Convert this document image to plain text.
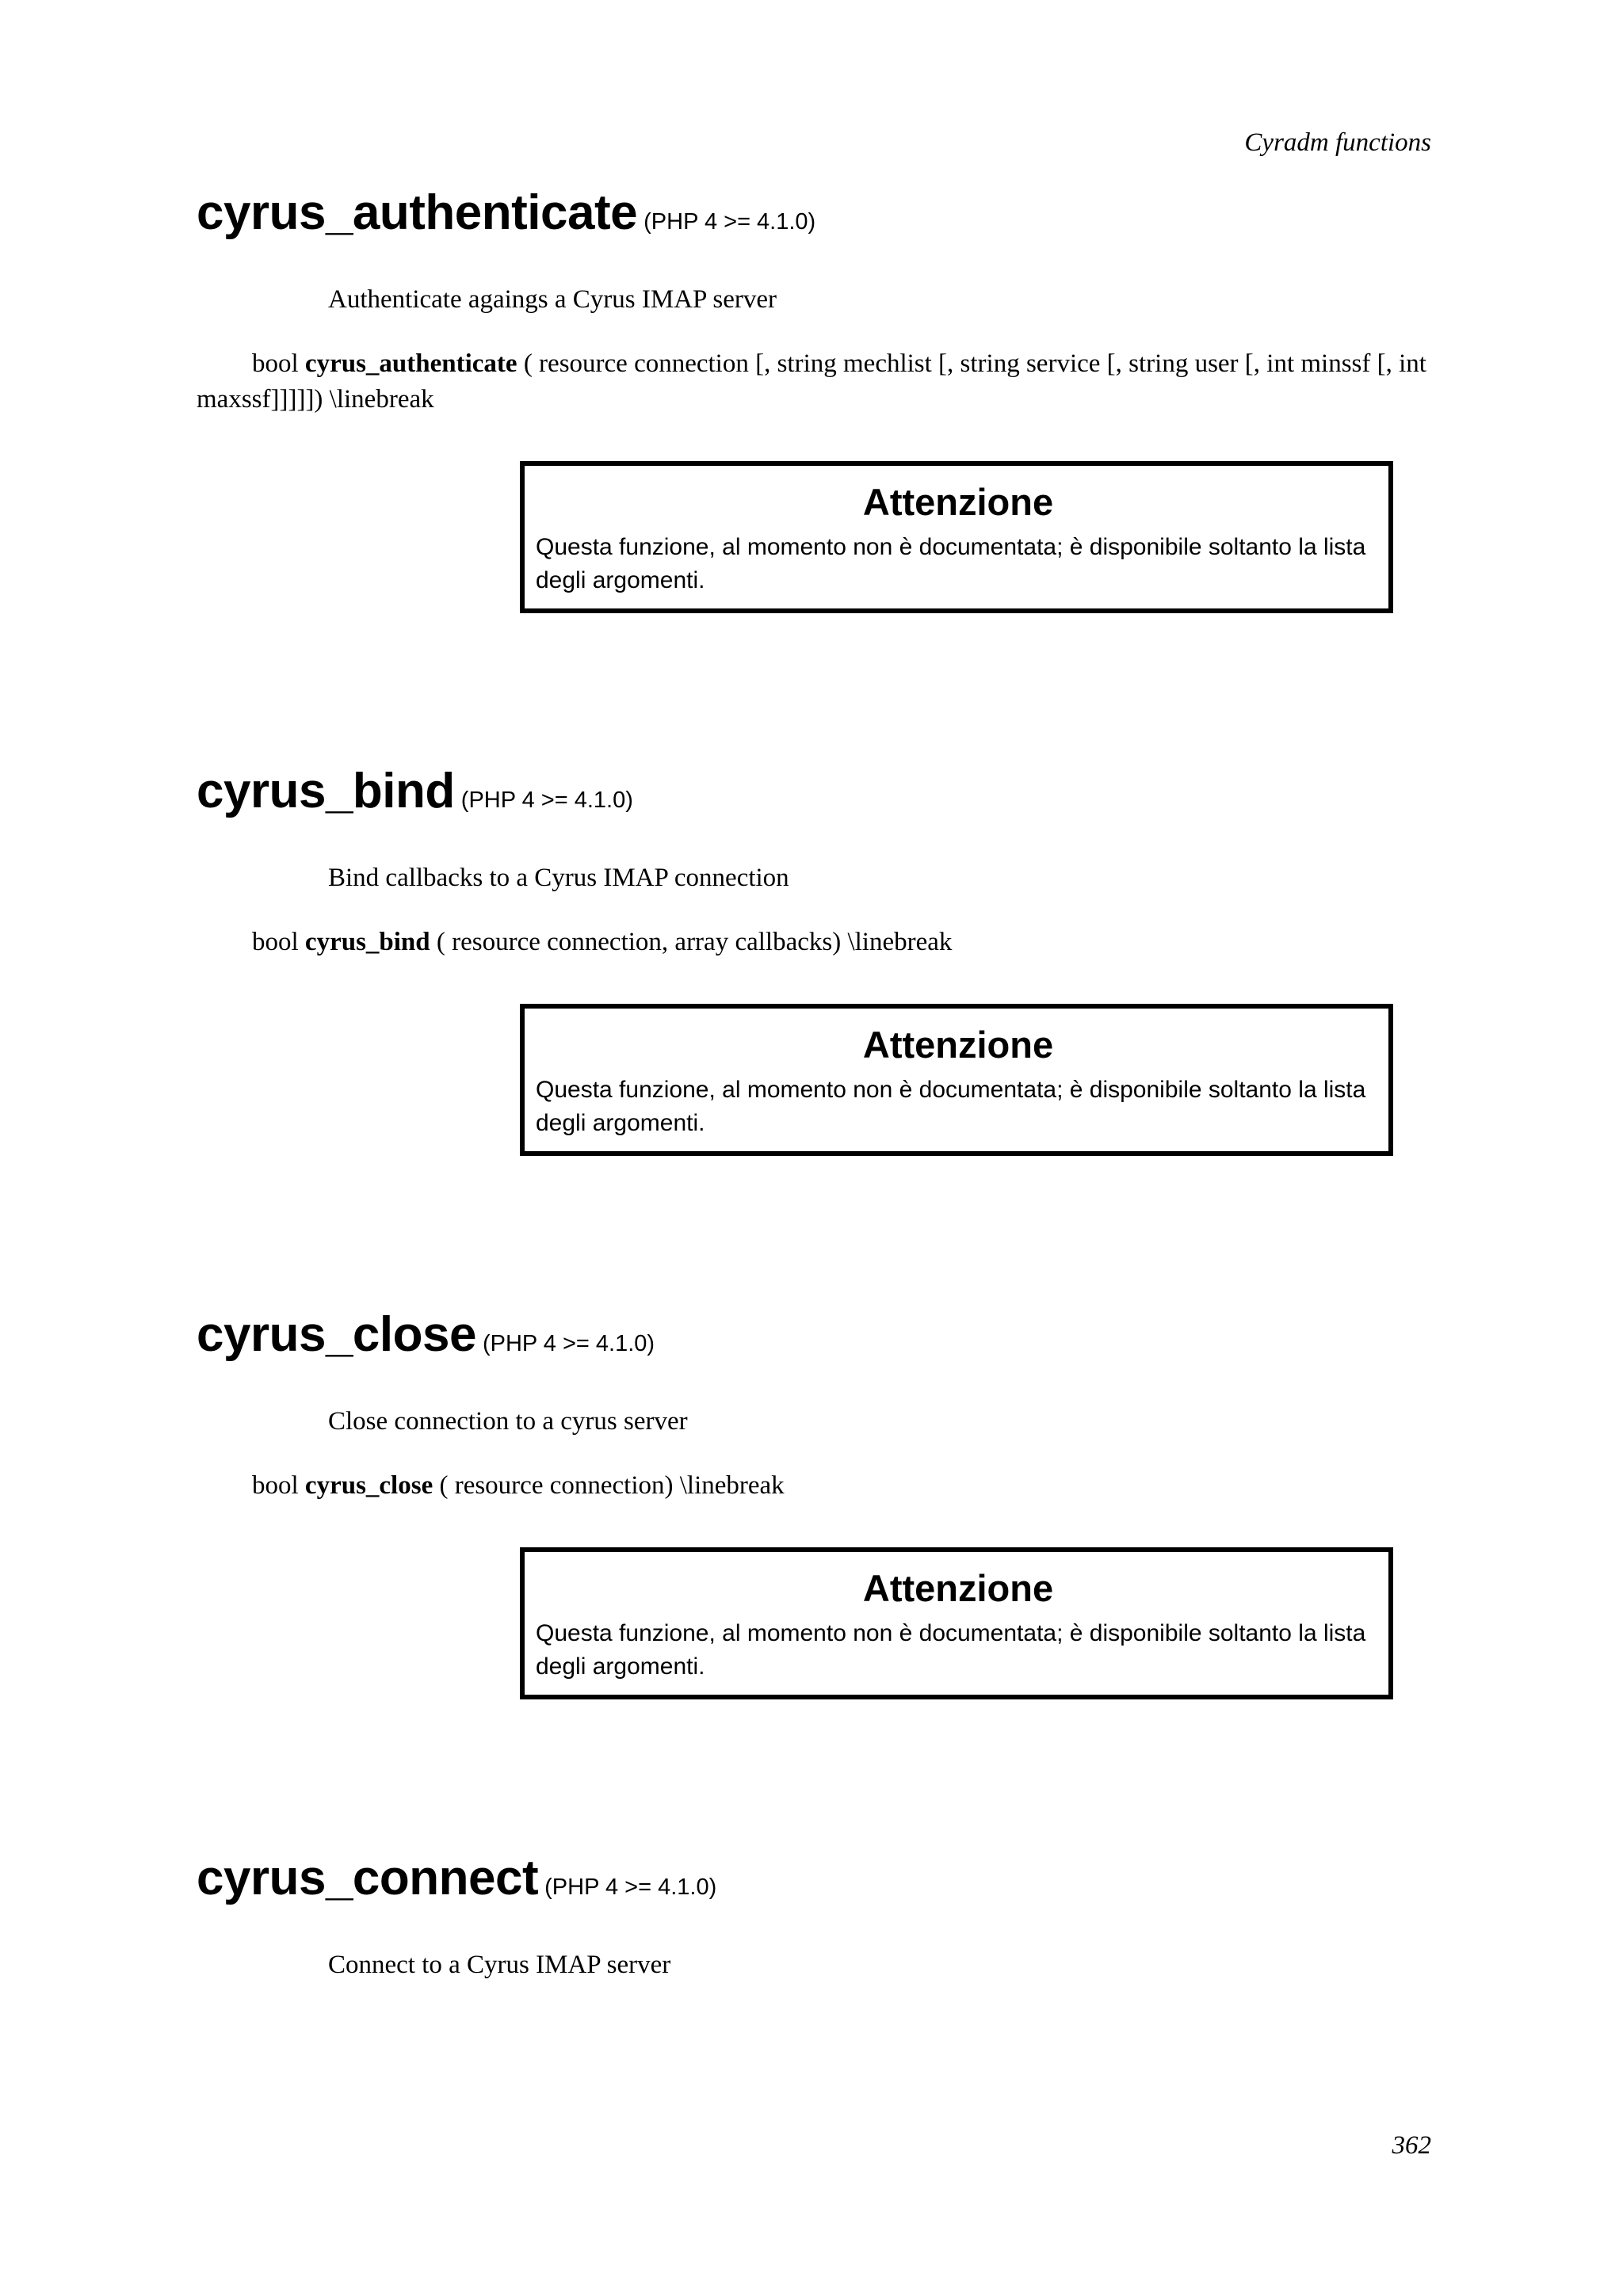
Cyradm functions
cyrus_authenticate (PHP 4 >= 4.1.0)
Authenticate agaings a Cyrus IMAP server
bool cyrus_authenticate ( resource connection [, string mechlist [, string service [, string user [, int minssf [, int maxssf]]]]]) \linebreak
Attenzione
Questa funzione, al momento non è documentata; è disponibile soltanto la lista degli argomenti.
cyrus_bind (PHP 4 >= 4.1.0)
Bind callbacks to a Cyrus IMAP connection
bool cyrus_bind ( resource connection, array callbacks) \linebreak
Attenzione
Questa funzione, al momento non è documentata; è disponibile soltanto la lista degli argomenti.
cyrus_close (PHP 4 >= 4.1.0)
Close connection to a cyrus server
bool cyrus_close ( resource connection) \linebreak
Attenzione
Questa funzione, al momento non è documentata; è disponibile soltanto la lista degli argomenti.
cyrus_connect (PHP 4 >= 4.1.0)
Connect to a Cyrus IMAP server
362
